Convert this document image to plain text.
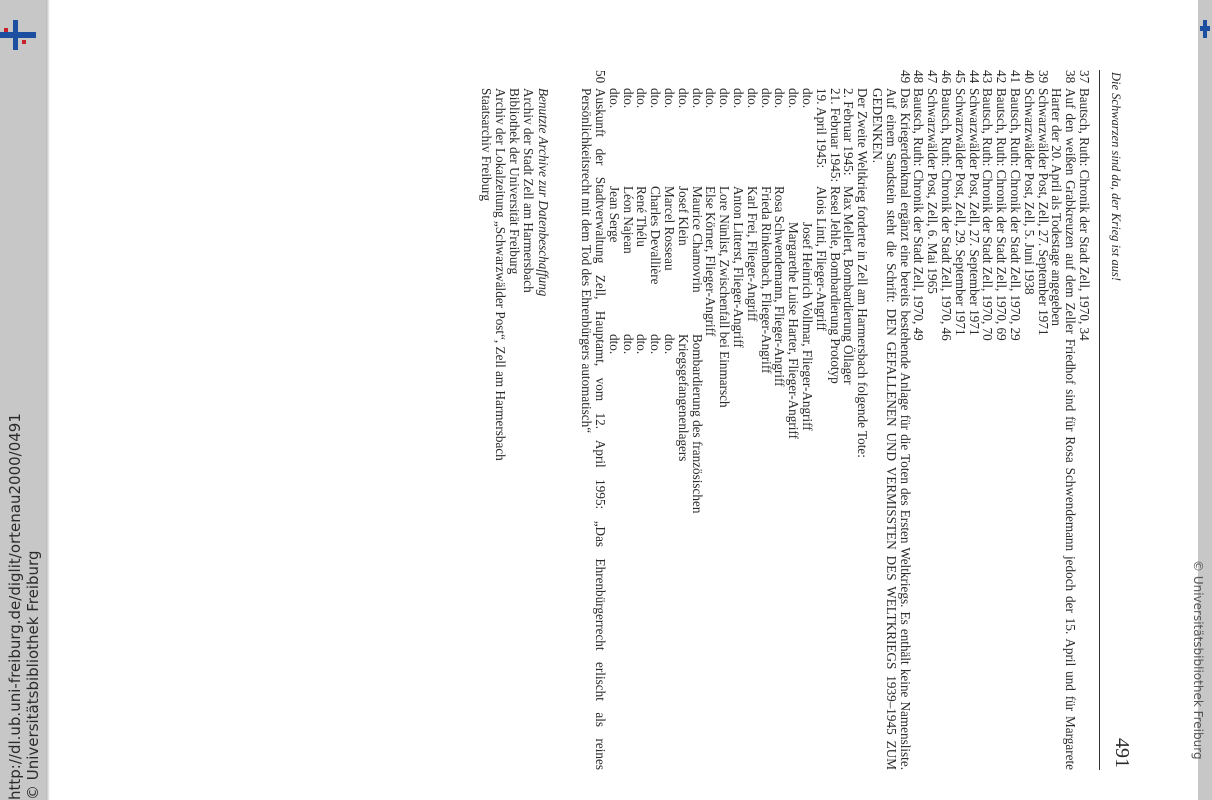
http://dl.ub.uni-freiburg.de/diglit/ortenau2000/0491 © Universitätsbibliothek Freiburg	© Universitätsbibliothek Freiburg
Die Schwarzen sind da, der Krieg ist aus!
491
37
Bautsch, Ruth: Chronik der Stadt Zell, 1970, 34
38
Auf den weißen Grabkreuzen auf dem Zeller Friedhof sind für Rosa Schwendemann jedoch der 15. April und für Margarete Harter der 20. April als Todestage angegeben
39
Schwarzwälder Post, Zell, 27. September 1971
40
Schwarzwälder Post, Zell, 5. Juni 1938
41
Bautsch, Ruth: Chronik der Stadt Zell, 1970, 29
42
Bautsch, Ruth: Chronik der Stadt Zell, 1970, 69
43
Bautsch, Ruth: Chronik der Stadt Zell, 1970, 70
44
Schwarzwälder Post, Zell, 27. September 1971
45
Schwarzwälder Post, Zell, 29. September 1971
46
Bautsch, Ruth: Chronik der Stadt Zell, 1970, 46
47
Schwarzwälder Post, Zell, 6. Mai 1965
48
Bautsch, Ruth: Chronik der Stadt Zell, 1970, 49
49
Das Kriegerdenkmal ergänzt eine bereits bestehende Anlage für die Toten des Ersten Weltkriegs. Es enthält keine Namensliste. Auf einem Sandstein steht die Schrift: DEN GEFALLENEN UND VERMISSTEN DES WELTKRIEGS 1939–1945 ZUM GEDENKEN.
Der Zweite Weltkrieg forderte in Zell am Harmersbach folgende Tote:
2. Februar 1945:
Max Mellert, Bombardierung Öllager
21. Februar 1945:
Resel Jehle, Bombardierung Prototyp
19. April 1945:
Alois Linti, Flieger-Angriff
dto.
Josef Heinrich Vollmar, Flieger-Angriff
dto.
Margarethe Luise Harter, Flieger-Angriff
dto.
Rosa Schwendemann, Flieger-Angriff
dto.
Frieda Rinkenbach, Flieger-Angriff
dto.
Karl Frei, Flieger-Angriff
dto.
Anton Litterst, Flieger-Angriff
dto.
Lore Nünlist, Zwischenfall bei Einmarsch
dto.
Else Körner, Flieger-Angriff
dto.
Maurice Chamovrin
Bombardierung des französischen
dto.
Josef Klein
Kriegsgefangenenlagers
dto.
Marcel Rosseau
dto.
dto.
Charles Devallière
dto.
dto.
René Thélu
dto.
dto.
Léon Najean
dto.
dto.
Jean Serge
dto.
50
Auskunft der Stadtverwaltung Zell, Hauptamt, vom 12. April 1995: „Das Ehrenbürgerrecht erlischt als reines Persönlichkeitsrecht mit dem Tod des Ehrenbürgers automatisch“
Benutzte Archive zur Datenbeschaffung
Archiv der Stadt Zell am Harmersbach
Bibliothek der Universität Freiburg
Archiv der Lokalzeitung „Schwarzwälder Post“, Zell am Harmersbach
Staatsarchiv Freiburg
